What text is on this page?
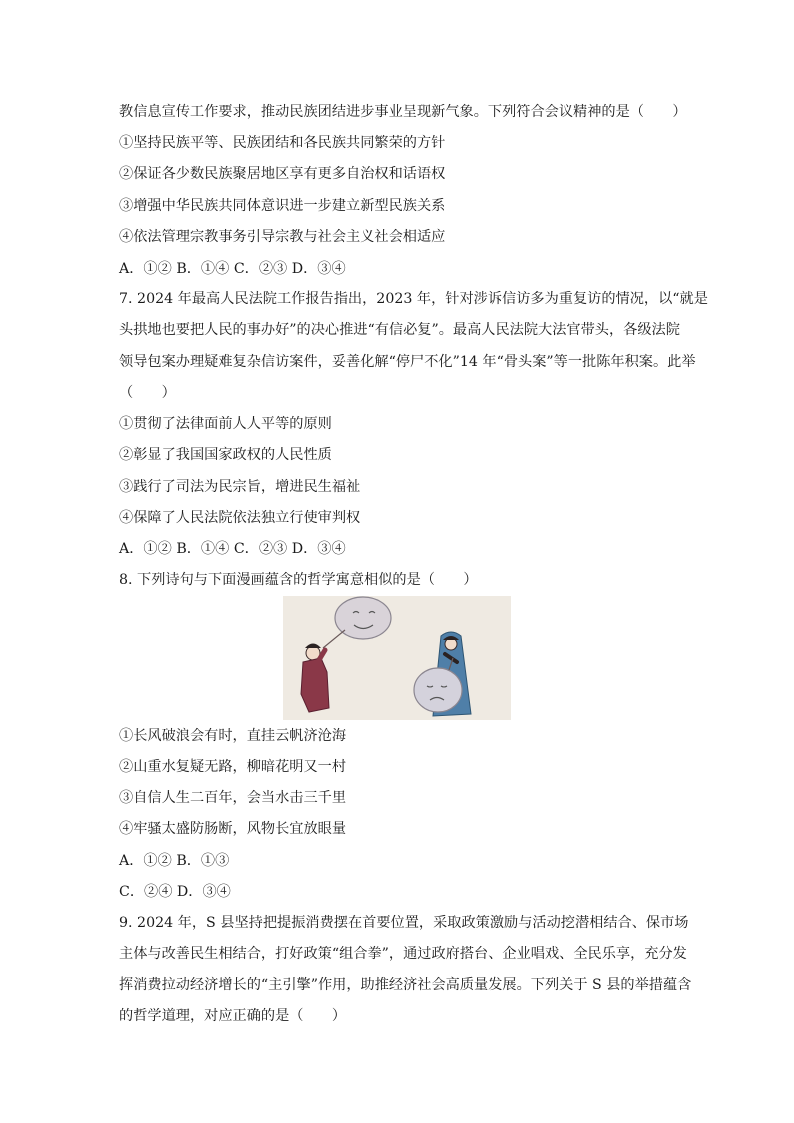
教信息宣传工作要求，推动民族团结进步事业呈现新气象。下列符合会议精神的是（　　）
①坚持民族平等、民族团结和各民族共同繁荣的方针
②保证各少数民族聚居地区享有更多自治权和话语权
③增强中华民族共同体意识进一步建立新型民族关系
④依法管理宗教事务引导宗教与社会主义社会相适应
A．①② B．①④ C．②③ D．③④
7. 2024 年最高人民法院工作报告指出，2023 年，针对涉诉信访多为重复访的情况，以“就是
头拱地也要把人民的事办好”的决心推进“有信必复”。最高人民法院大法官带头，各级法院
领导包案办理疑难复杂信访案件，妥善化解“停尸不化”14 年“骨头案”等一批陈年积案。此举
（　　）
①贯彻了法律面前人人平等的原则
②彰显了我国国家政权的人民性质
③践行了司法为民宗旨，增进民生福祉
④保障了人民法院依法独立行使审判权
A．①② B．①④ C．②③ D．③④
8. 下列诗句与下面漫画蕴含的哲学寓意相似的是（　　）
①长风破浪会有时，直挂云帆济沧海
②山重水复疑无路，柳暗花明又一村
③自信人生二百年，会当水击三千里
④牢骚太盛防肠断，风物长宜放眼量
A．①② B．①③
C．②④ D．③④
9. 2024 年，S 县坚持把提振消费摆在首要位置，采取政策激励与活动挖潜相结合、保市场
主体与改善民生相结合，打好政策“组合拳”，通过政府搭台、企业唱戏、全民乐享，充分发
挥消费拉动经济增长的“主引擎”作用，助推经济社会高质量发展。下列关于 S 县的举措蕴含
的哲学道理，对应正确的是（　　）
